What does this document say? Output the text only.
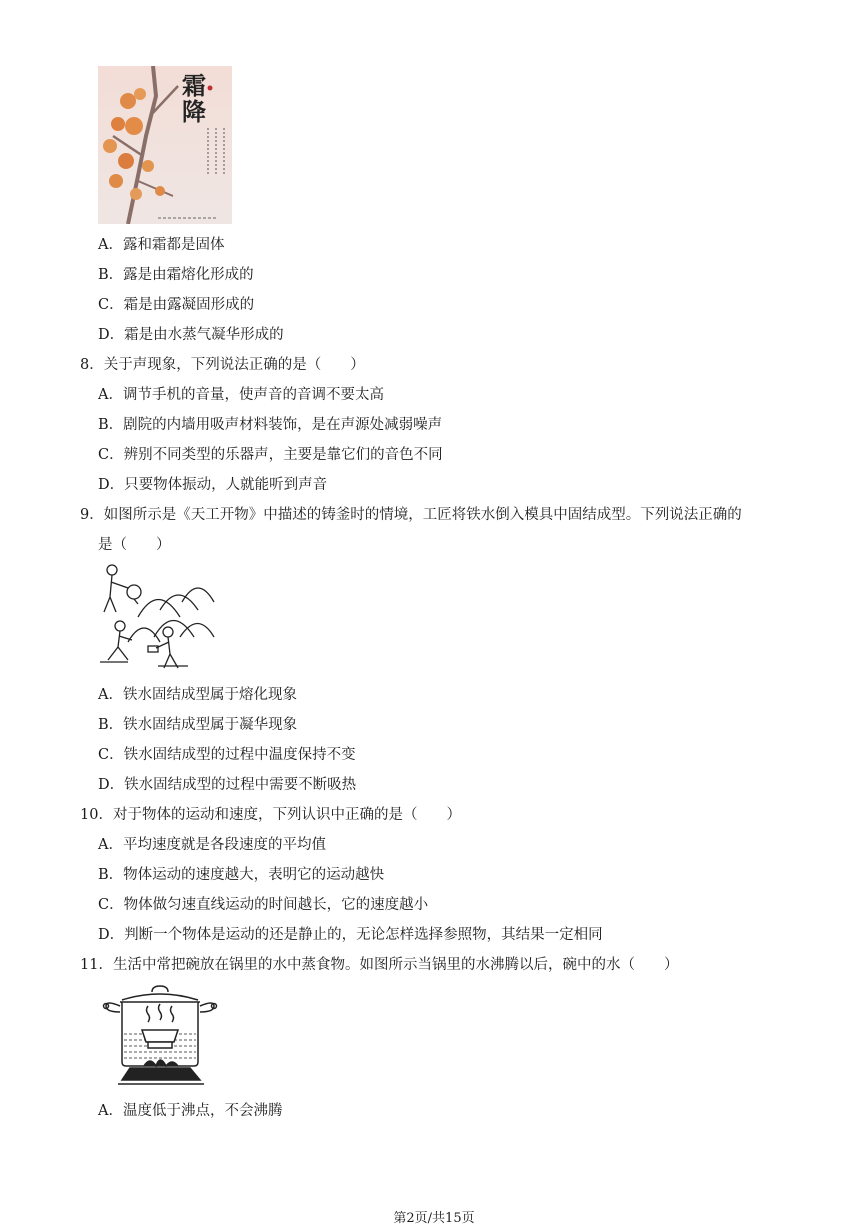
霜
降
A．露和霜都是固体
B．露是由霜熔化形成的
C．霜是由露凝固形成的
D．霜是由水蒸气凝华形成的
8．关于声现象，下列说法正确的是（　　）
A．调节手机的音量，使声音的音调不要太高
B．剧院的内墙用吸声材料装饰，是在声源处减弱噪声
C．辨别不同类型的乐器声，主要是靠它们的音色不同
D．只要物体振动，人就能听到声音
9．如图所示是《天工开物》中描述的铸釜时的情境，工匠将铁水倒入模具中固结成型。下列说法正确的
是（　　）
A．铁水固结成型属于熔化现象
B．铁水固结成型属于凝华现象
C．铁水固结成型的过程中温度保持不变
D．铁水固结成型的过程中需要不断吸热
10．对于物体的运动和速度，下列认识中正确的是（　　）
A．平均速度就是各段速度的平均值
B．物体运动的速度越大，表明它的运动越快
C．物体做匀速直线运动的时间越长，它的速度越小
D．判断一个物体是运动的还是静止的，无论怎样选择参照物，其结果一定相同
11．生活中常把碗放在锅里的水中蒸食物。如图所示当锅里的水沸腾以后，碗中的水（　　）
A．温度低于沸点，不会沸腾
第2页/共15页
